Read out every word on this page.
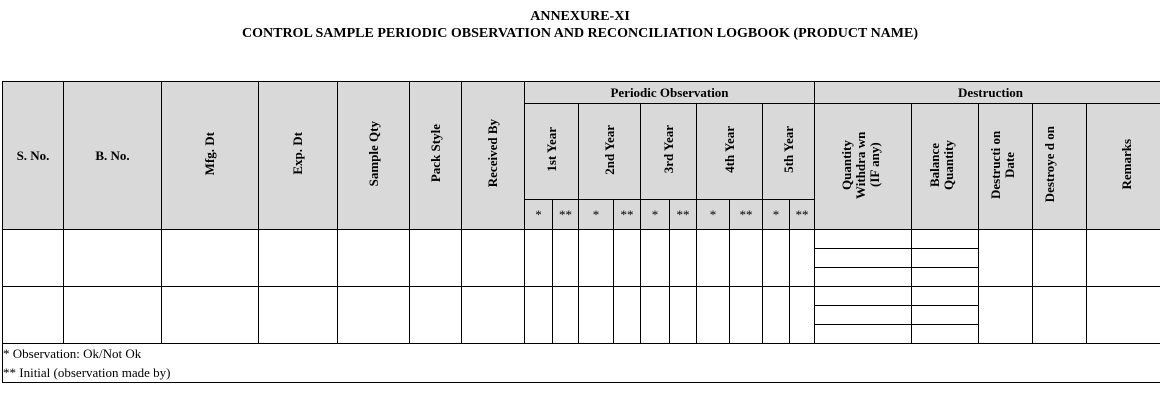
ANNEXURE-XI
CONTROL SAMPLE PERIODIC OBSERVATION AND RECONCILIATION LOGBOOK (PRODUCT NAME)
S. No.	B. No.	Mfg. Dt	Exp. Dt	Sample Qty	Pack Style	Received By	Periodic Observation										Destruction				
							1st Year		2nd Year		3rd Year		4th Year		5th Year		Quantity Withdra wn (IF any)	Balance Quantity	Destructi on Date	Destroye d on	Remarks
							*	**	*	**	*	**	*	**	*	**					

* Observation: Ok/Not Ok
** Initial (observation made by)																					
